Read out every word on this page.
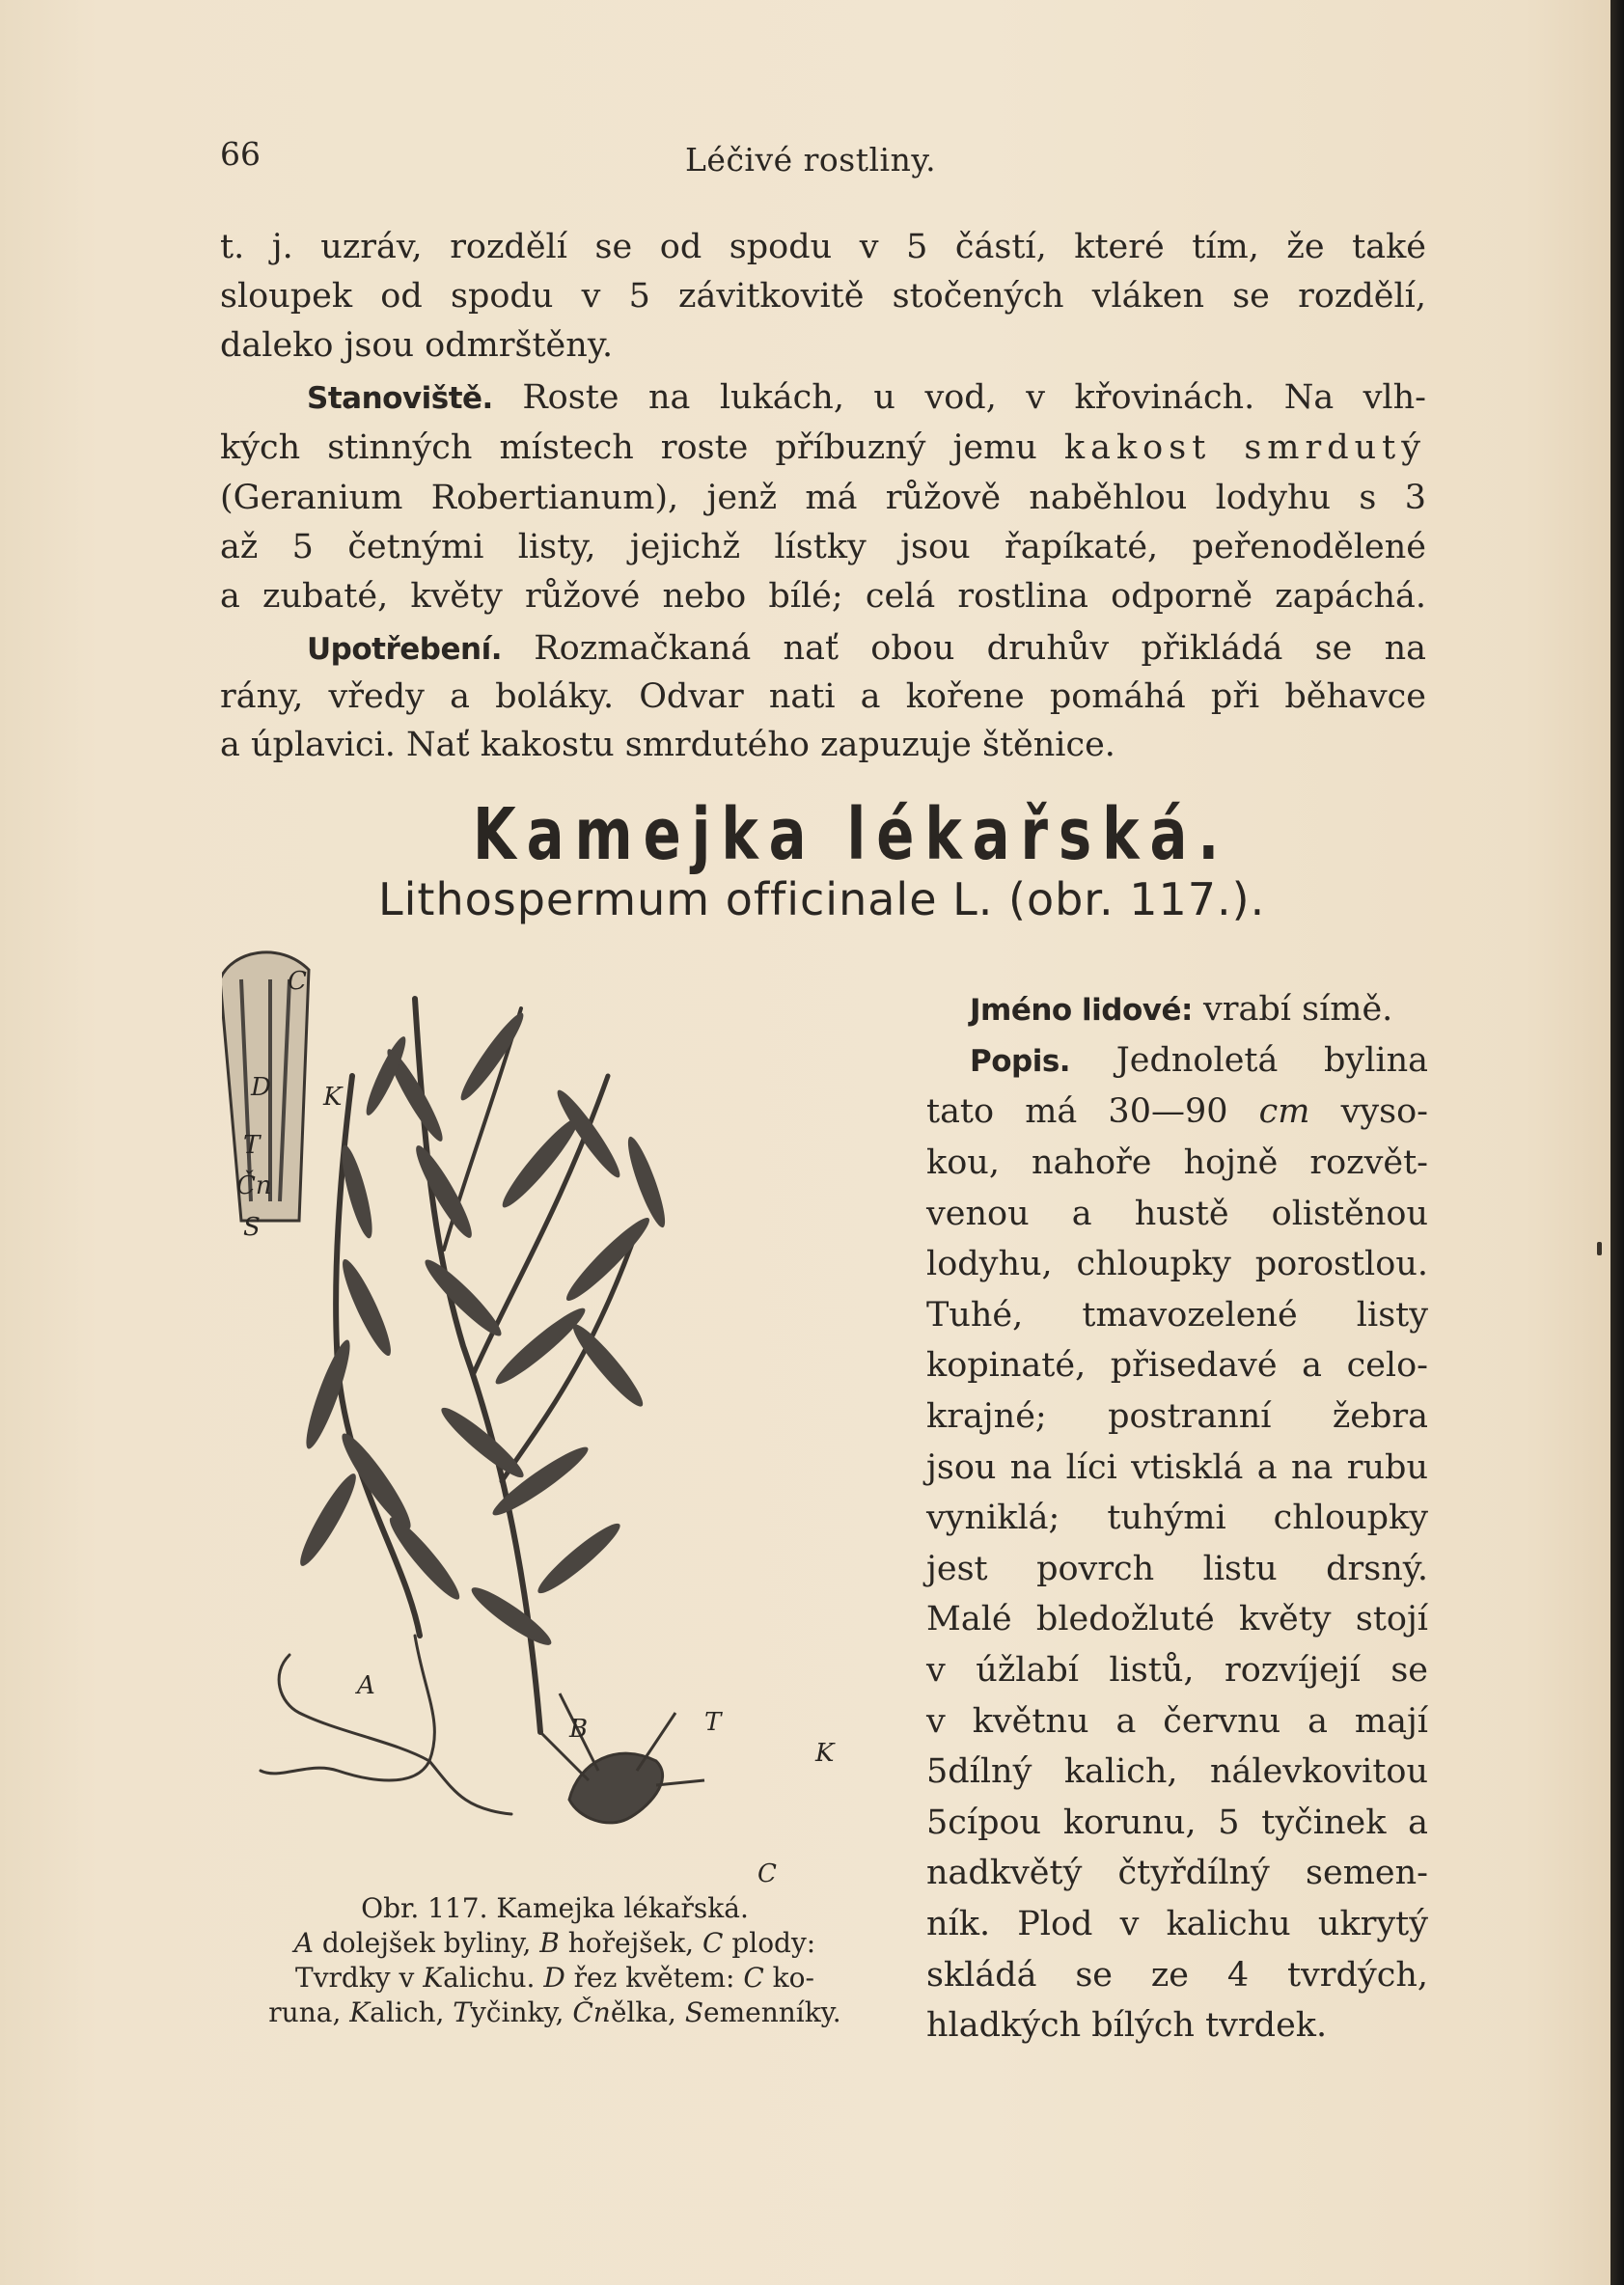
66	Léčivé rostliny.

t. j. uzráv, rozdělí se od spodu v 5 částí, které tím, že také

sloupek od spodu v 5 závitkovitě stočených vláken se rozdělí,

daleko jsou odmrštěny.

Stanoviště. Roste na lukách, u vod, v křovinách. Na vlh-

kých stinných místech roste příbuzný jemu kakost smrdutý

(Geranium Robertianum), jenž má růžově naběhlou lodyhu s 3

až 5 četnými listy, jejichž lístky jsou řapíkaté, peřenodělené

a zubaté, květy růžové nebo bílé; celá rostlina odporně zapáchá.

Upotřebení. Rozmačkaná nať obou druhův přikládá se na

rány, vředy a boláky. Odvar nati a kořene pomáhá při běhavce

a úplavici. Nať kakostu smrdutého zapuzuje štěnice.

Kamejka lékařská.
Lithospermum officinale L. (obr. 117.).

Jméno lidové: vrabí símě.

Popis. Jednoletá bylina

tato má 30—90 cm vyso-

kou, nahoře hojně rozvět-

venou a hustě olistěnou

lodyhu, chloupky porostlou.

Tuhé, tmavozelené listy

kopinaté, přisedavé a celo-

krajné; postranní žebra

jsou na líci vtisklá a na rubu

vyniklá; tuhými chloupky

jest povrch listu drsný.

Malé bledožluté květy stojí

v úžlabí listů, rozvíjejí se

v květnu a červnu a mají

5dílný kalich, nálevkovitou

5cípou korunu, 5 tyčinek a

nadkvětý čtyřdílný semen-

ník. Plod v kalichu ukrytý

skládá se ze 4 tvrdých,

hladkých bílých tvrdek.

C
D K
T
Čn
S
A
B	T
K
C
Obr. 117. Kamejka lékařská.
A dolejšek byliny, B hořejšek, C plody:
Tvrdky v Kalichu. D řez květem: C ko-
runa, Kalich, Tyčinky, Čnělka, Semenníky.
